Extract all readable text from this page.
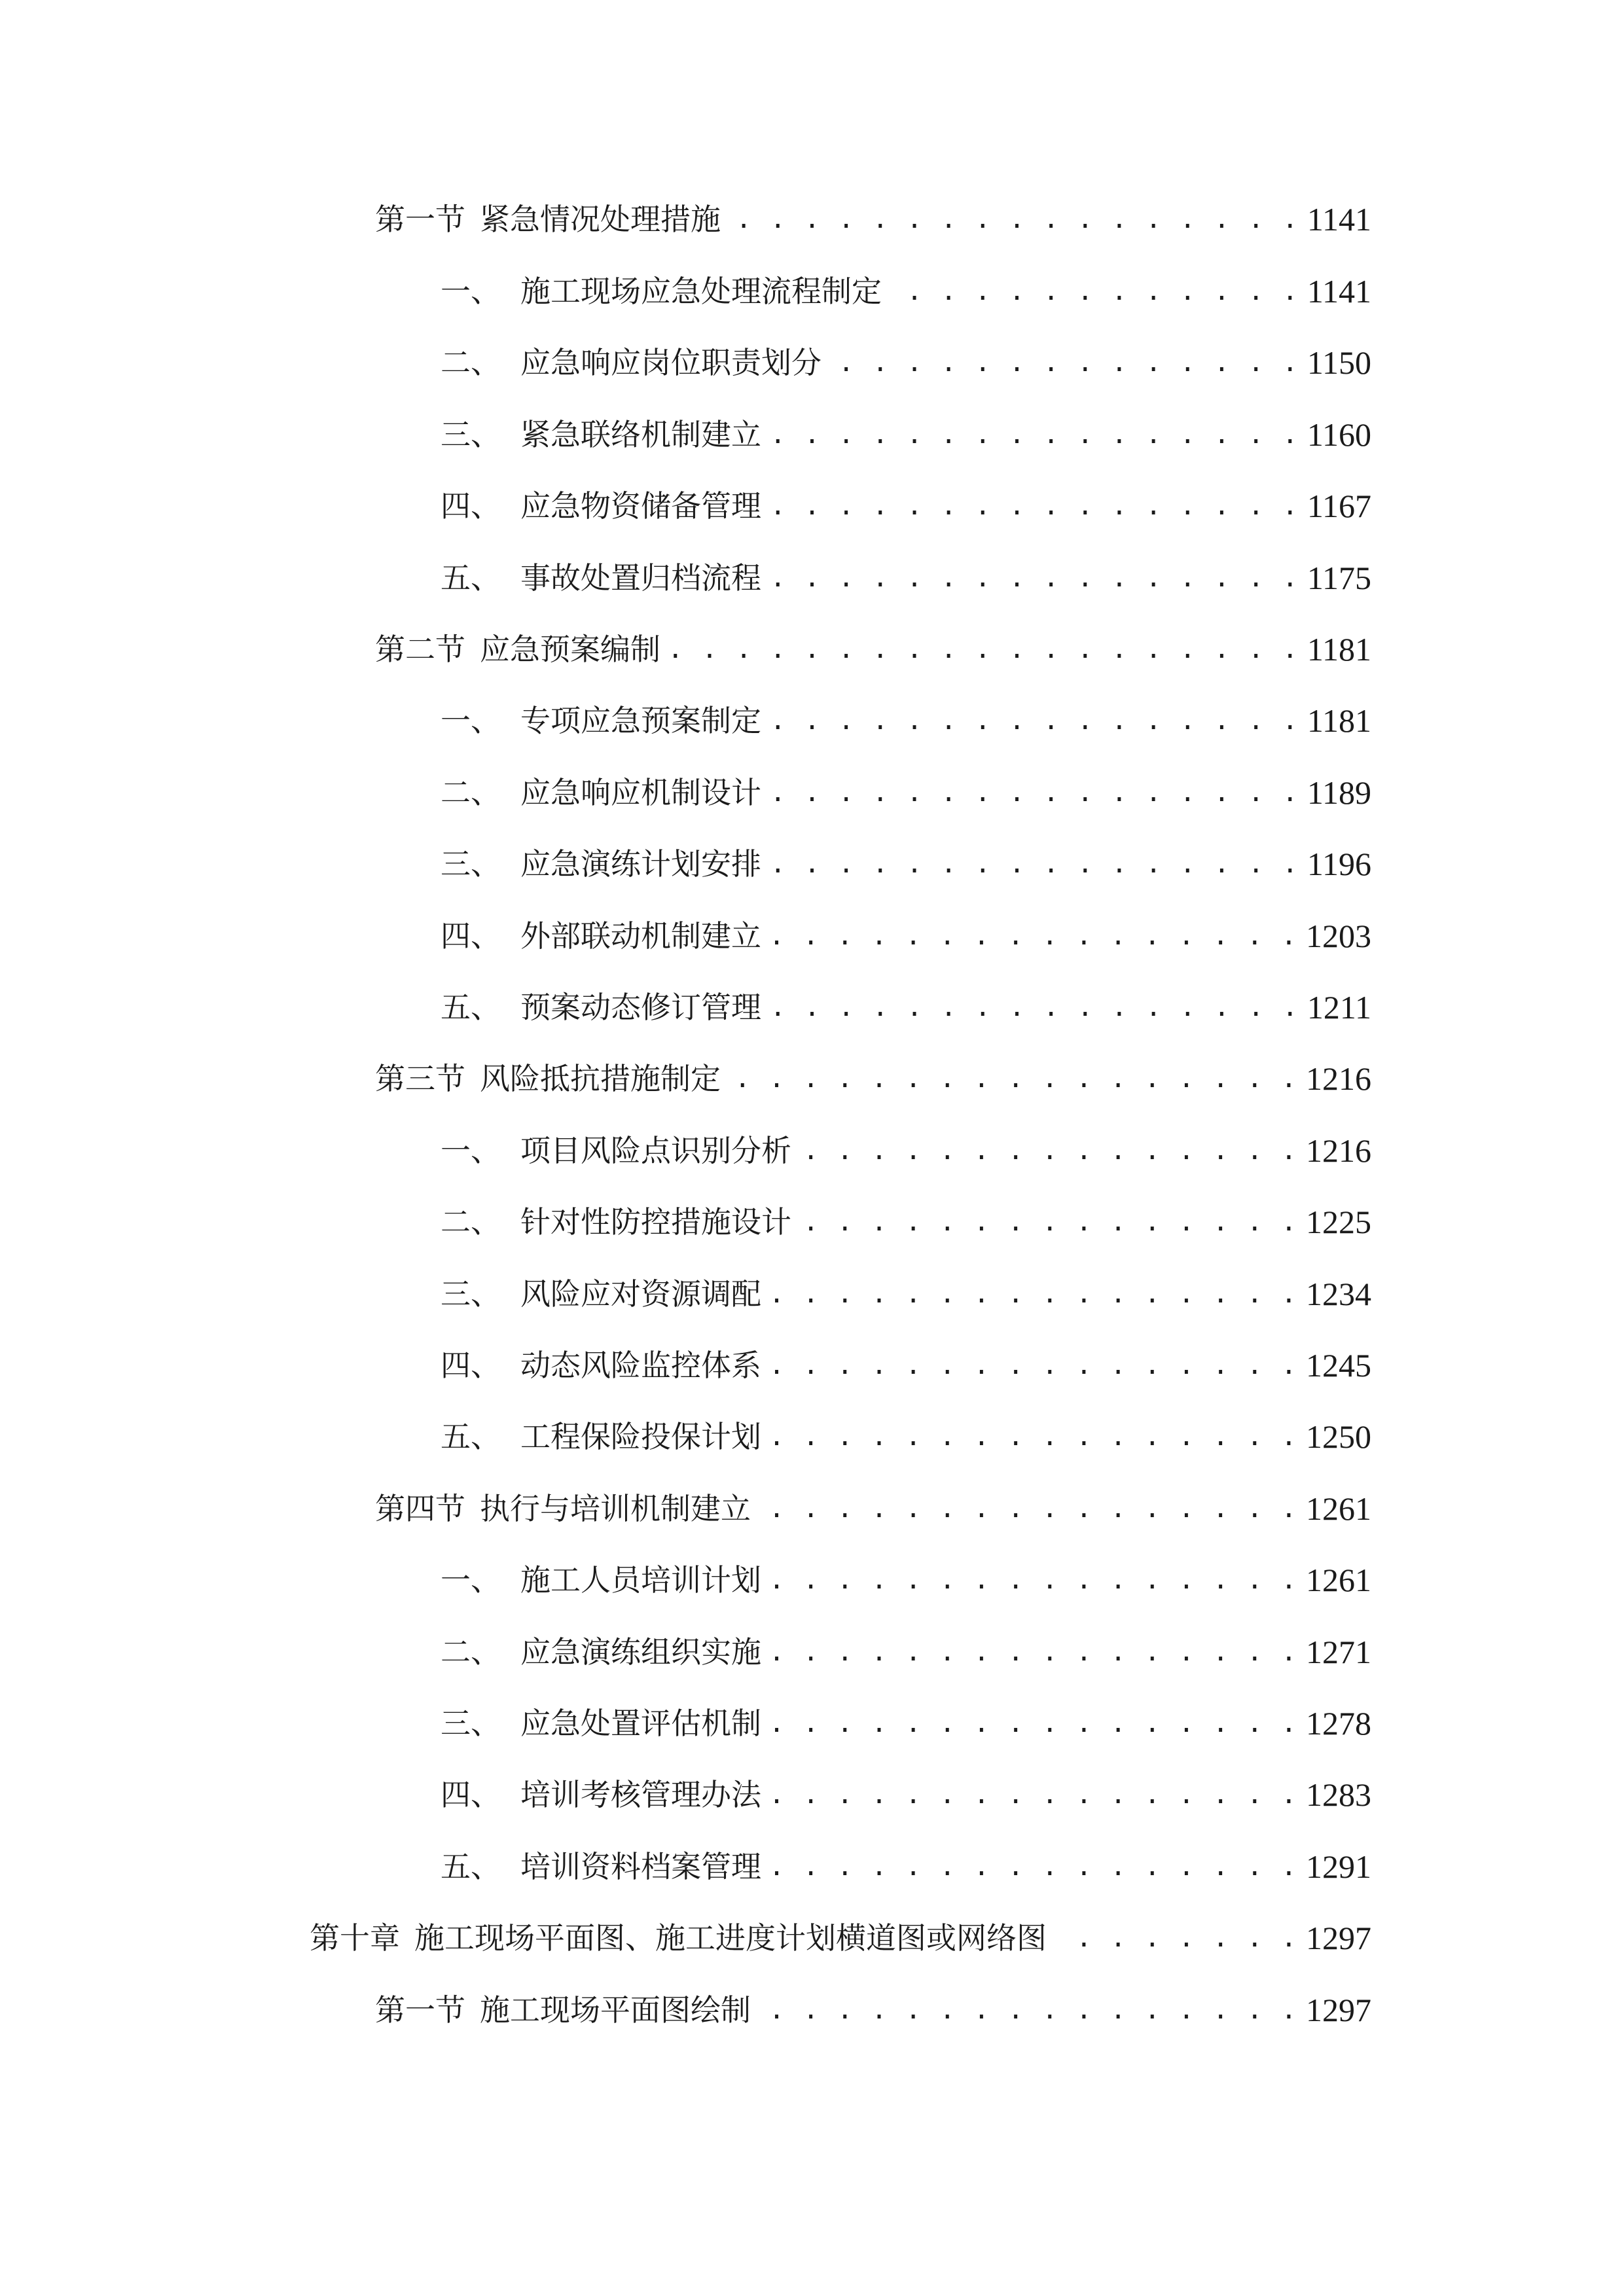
第一节 紧急情况处理措施 . . .	1141
一、 施工现场应急处理流程制定 . . .	1141
二、 应急响应岗位职责划分 . . .	1150
三、 紧急联络机制建立 . . .	1160
四、 应急物资储备管理 . . .	1167
五、 事故处置归档流程 . . .	1175
第二节 应急预案编制 . . .	1181
一、 专项应急预案制定 . . .	1181
二、 应急响应机制设计 . . .	1189
三、 应急演练计划安排 . . .	1196
四、 外部联动机制建立 . . .	1203
五、 预案动态修订管理 . . .	1211
第三节 风险抵抗措施制定 . . .	1216
一、 项目风险点识别分析 . . .	1216
二、 针对性防控措施设计 . . .	1225
三、 风险应对资源调配 . . .	1234
四、 动态风险监控体系 . . .	1245
五、 工程保险投保计划 . . .	1250
第四节 执行与培训机制建立 . . .	1261
一、 施工人员培训计划 . . .	1261
二、 应急演练组织实施 . . .	1271
三、 应急处置评估机制 . . .	1278
四、 培训考核管理办法 . . .	1283
五、 培训资料档案管理 . . .	1291
第十章 施工现场平面图、施工进度计划横道图或网络图 . . .	1297
第一节 施工现场平面图绘制 . . .	1297
